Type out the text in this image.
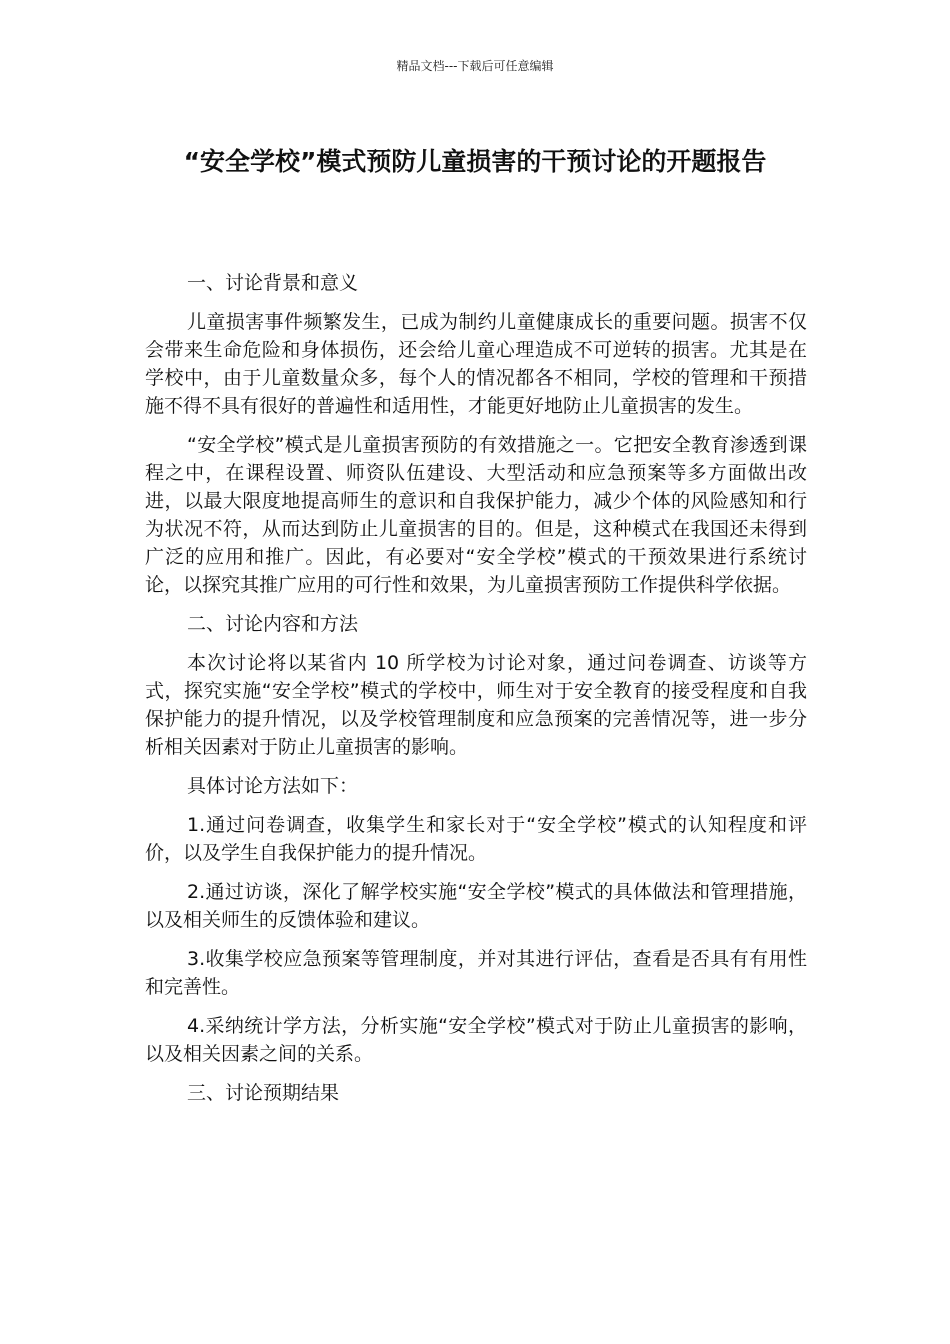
精品文档---下载后可任意编辑
“安全学校”模式预防儿童损害的干预讨论的开题报告

一、讨论背景和意义

儿童损害事件频繁发生，已成为制约儿童健康成长的重要问题。损害不仅会带来生命危险和身体损伤，还会给儿童心理造成不可逆转的损害。尤其是在学校中，由于儿童数量众多，每个人的情况都各不相同，学校的管理和干预措施不得不具有很好的普遍性和适用性，才能更好地防止儿童损害的发生。

“安全学校”模式是儿童损害预防的有效措施之一。它把安全教育渗透到课程之中，在课程设置、师资队伍建设、大型活动和应急预案等多方面做出改进，以最大限度地提高师生的意识和自我保护能力，减少个体的风险感知和行为状况不符，从而达到防止儿童损害的目的。但是，这种模式在我国还未得到广泛的应用和推广。因此，有必要对“安全学校”模式的干预效果进行系统讨论，以探究其推广应用的可行性和效果，为儿童损害预防工作提供科学依据。

二、讨论内容和方法

本次讨论将以某省内 10 所学校为讨论对象，通过问卷调查、访谈等方式，探究实施“安全学校”模式的学校中，师生对于安全教育的接受程度和自我保护能力的提升情况，以及学校管理制度和应急预案的完善情况等，进一步分析相关因素对于防止儿童损害的影响。

具体讨论方法如下：

1.通过问卷调查，收集学生和家长对于“安全学校”模式的认知程度和评价，以及学生自我保护能力的提升情况。

2.通过访谈，深化了解学校实施“安全学校”模式的具体做法和管理措施，以及相关师生的反馈体验和建议。

3.收集学校应急预案等管理制度，并对其进行评估，查看是否具有有用性和完善性。

4.采纳统计学方法，分析实施“安全学校”模式对于防止儿童损害的影响，以及相关因素之间的关系。

三、讨论预期结果
